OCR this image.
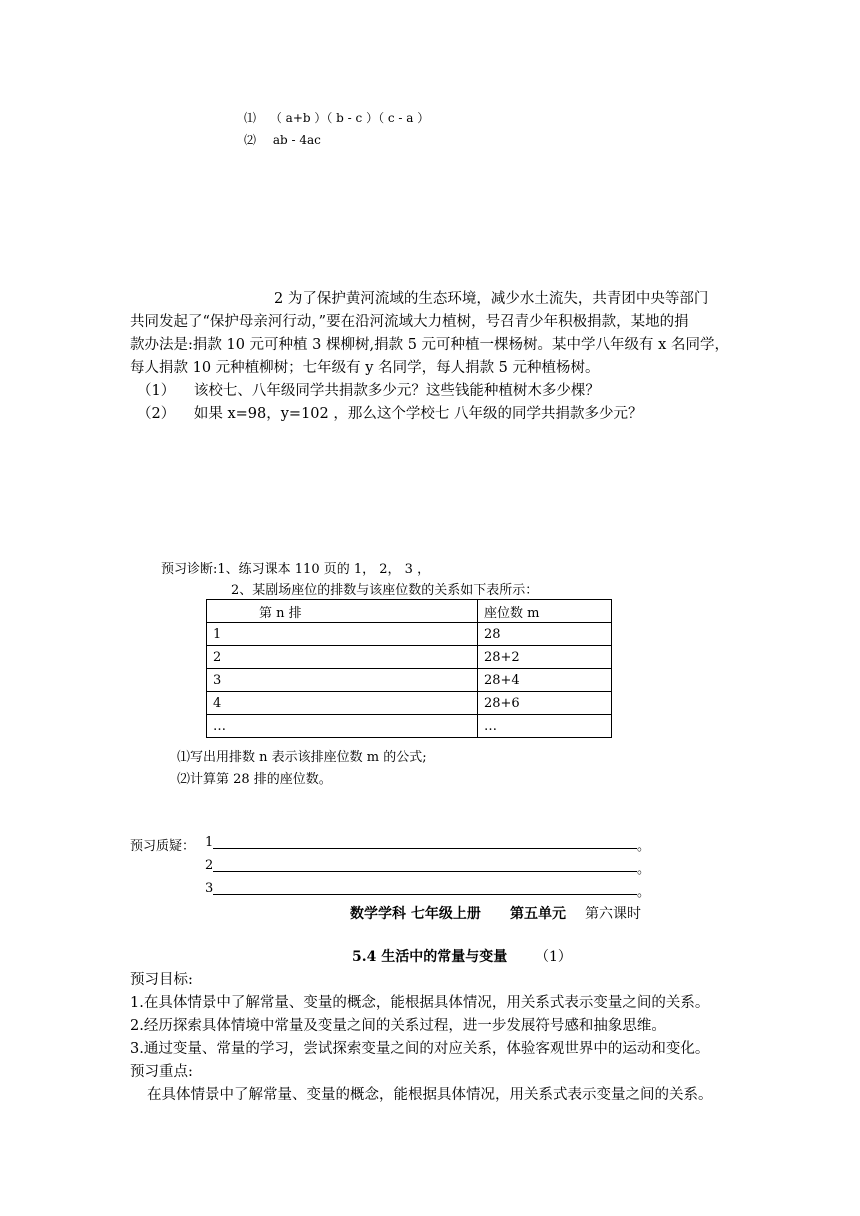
⑴ （ a+b ）（ b - c ）（ c - a ）
⑵ ab - 4ac
2 为了保护黄河流域的生态环境，减少水土流失，共青团中央等部门
共同发起了“保护母亲河行动，”要在沿河流域大力植树，号召青少年积极捐款，某地的捐
款办法是:捐款 10 元可种植 3 棵柳树,捐款 5 元可种植一棵杨树。某中学八年级有 x 名同学，
每人捐款 10 元种植柳树；七年级有 y 名同学，每人捐款 5 元种植杨树。
（1） 该校七、八年级同学共捐款多少元？这些钱能种植树木多少棵？
（2） 如果 x=98，y=102 ，那么这个学校七 八年级的同学共捐款多少元？
预习诊断:1、练习课本 110 页的 1， 2， 3 ，
2、某剧场座位的排数与该座位数的关系如下表所示：
第 n 排	座位数 m
1	28
2	28+2
3	28+4
4	28+6
…	…
⑴写出用排数 n 表示该排座位数 m 的公式;
⑵计算第 28 排的座位数。
预习质疑： 1	。
2	。
3	。
数学学科 七年级上册 第五单元 第六课时
5.4 生活中的常量与变量 （1）
预习目标:
1.在具体情景中了解常量、变量的概念，能根据具体情况，用关系式表示变量之间的关系。
2.经历探索具体情境中常量及变量之间的关系过程，进一步发展符号感和抽象思维。
3.通过变量、常量的学习，尝试探索变量之间的对应关系，体验客观世界中的运动和变化。
预习重点:
在具体情景中了解常量、变量的概念，能根据具体情况，用关系式表示变量之间的关系。
